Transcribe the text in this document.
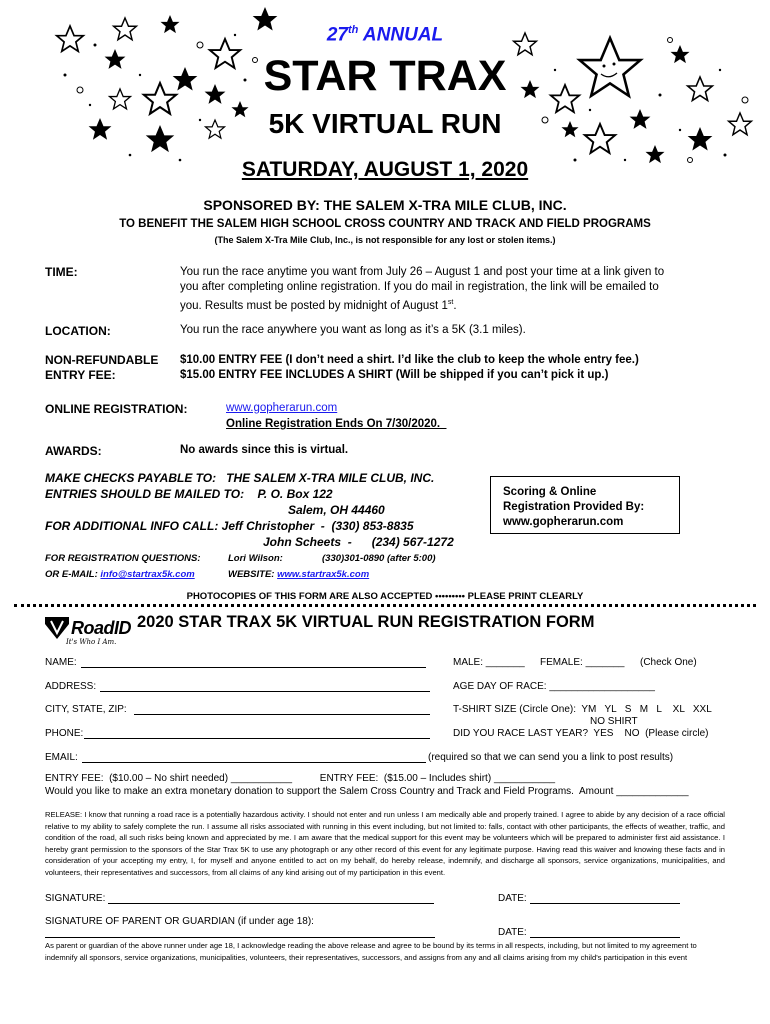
27th ANNUAL
STAR TRAX
5K VIRTUAL RUN
SATURDAY, AUGUST 1, 2020
SPONSORED BY: THE SALEM X-TRA MILE CLUB, INC.
TO BENEFIT THE SALEM HIGH SCHOOL CROSS COUNTRY AND TRACK AND FIELD PROGRAMS
(The Salem X-Tra Mile Club, Inc., is not responsible for any lost or stolen items.)
TIME:	You run the race anytime you want from July 26 – August 1 and post your time at a link given to
you after completing online registration. If you do mail in registration, the link will be emailed to
you. Results must be posted by midnight of August 1st.
LOCATION:	You run the race anywhere you want as long as it’s a 5K (3.1 miles).
NON-REFUNDABLE
ENTRY FEE:
$10.00 ENTRY FEE (I don’t need a shirt. I’d like the club to keep the whole entry fee.)
$15.00 ENTRY FEE INCLUDES A SHIRT (Will be shipped if you can’t pick it up.)
ONLINE REGISTRATION:	www.gopherarun.com
Online Registration Ends On 7/30/2020.
AWARDS:	No awards since this is virtual.
MAKE CHECKS PAYABLE TO:   THE SALEM X-TRA MILE CLUB, INC.
ENTRIES SHOULD BE MAILED TO:    P. O. Box 122
Salem, OH 44460
FOR ADDITIONAL INFO CALL: Jeff Christopher  -  (330) 853-8835
John Scheets  -      (234) 567-1272
FOR REGISTRATION QUESTIONS:	Lori Wilson:	(330)301-0890 (after 5:00)
OR E-MAIL: info@startrax5k.com	WEBSITE: www.startrax5k.com
Scoring & Online
Registration Provided By:
www.gopherarun.com
PHOTOCOPIES OF THIS FORM ARE ALSO ACCEPTED ••••••••• PLEASE PRINT CLEARLY
RoadID
It's Who I Am.
2020 STAR TRAX 5K VIRTUAL RUN REGISTRATION FORM
NAME:	MALE: _______ FEMALE: _______ (Check One)
ADDRESS:	AGE DAY OF RACE: ___________________
CITY, STATE, ZIP:	T-SHIRT SIZE (Circle One):  YM   YL   S   M   L    XL   XXL
NO SHIRT
PHONE:	DID YOU RACE LAST YEAR?  YES    NO  (Please circle)
EMAIL:	(required so that we can send you a link to post results)
ENTRY FEE:  ($10.00 – No shirt needed) ___________          ENTRY FEE:  ($15.00 – Includes shirt) ___________
Would you like to make an extra monetary donation to support the Salem Cross Country and Track and Field Programs.  Amount _____________
RELEASE: I know that running a road race is a potentially hazardous activity. I should not enter and run unless I am medically able and properly trained. I agree to abide by any decision of a race official relative to my ability to safely complete the run. I assume all risks associated with running in this event including, but not limited to: falls, contact with other participants, the effects of weather, traffic, and condition of the road, all such risks being known and appreciated by me. I am aware that the medical support for this event may be volunteers which will be prepared to administer first aid assistance. I hereby grant permission to the sponsors of the Star Trax 5K to use any photograph or any other record of this event for any legitimate purpose. Having read this waiver and knowing these facts and in consideration of your accepting my entry, I, for myself and anyone entitled to act on my behalf, do hereby release, indemnify, and discharge all sponsors, service organizations, municipalities, and volunteers, their representatives and successors, from all claims of any kind arising out of my participation in this event.
SIGNATURE:	DATE:
SIGNATURE OF PARENT OR GUARDIAN (if under age 18):
DATE:
As parent or guardian of the above runner under age 18, I acknowledge reading the above release and agree to be bound by its terms in all respects, including, but not limited to my agreement to indemnify all sponsors, service organizations, municipalities, volunteers, their representatives, successors, and assigns from any and all claims arising from my child's participation in this event
